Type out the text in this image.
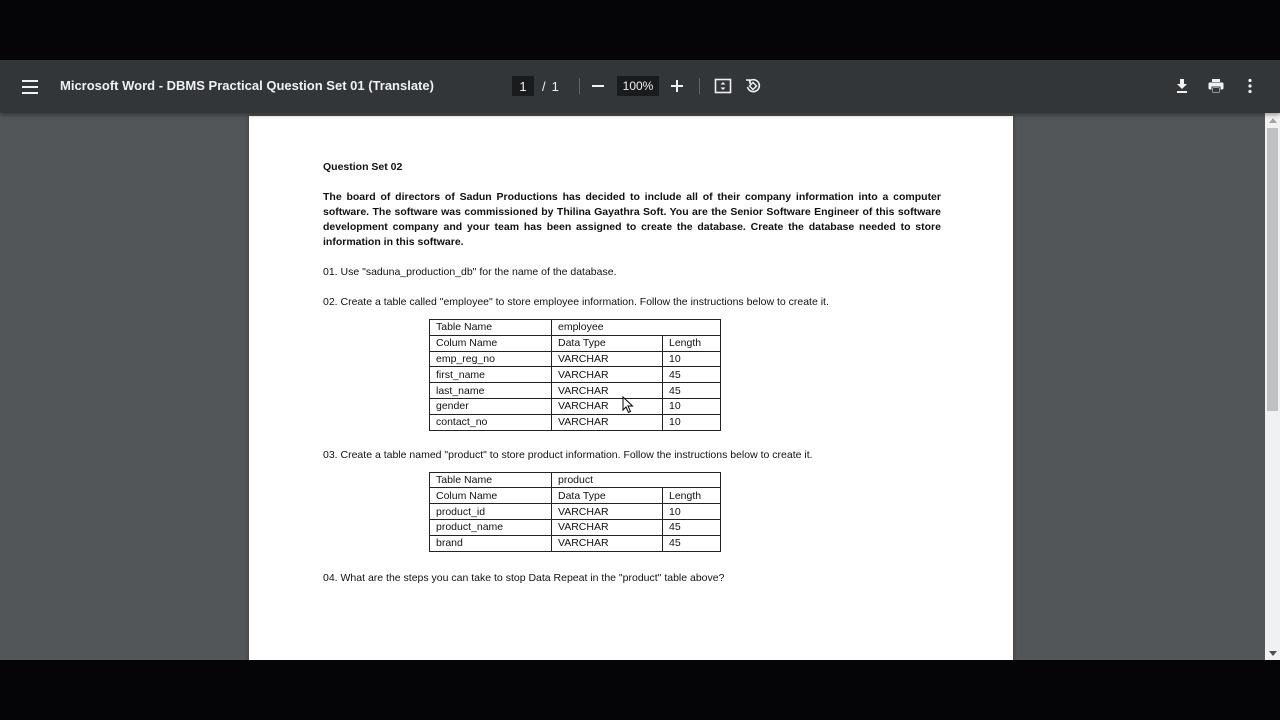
Microsoft Word - DBMS Practical Question Set 01 (Translate)
1	/ 1	100%
Question Set 02
The board of directors of Sadun Productions has decided to include all of their company information into a computer software. The software was commissioned by Thilina Gayathra Soft. You are the Senior Software Engineer of this software development company and your team has been assigned to create the database. Create the database needed to store information in this software.
01. Use "saduna_production_db" for the name of the database.
02. Create a table called "employee" to store employee information. Follow the instructions below to create it.
Table Name	employee	
Colum Name	Data Type	Length
emp_reg_no	VARCHAR	10
first_name	VARCHAR	45
last_name	VARCHAR	45
gender	VARCHAR	10
contact_no	VARCHAR	10
03. Create a table named "product" to store product information. Follow the instructions below to create it.
Table Name	product	
Colum Name	Data Type	Length
product_id	VARCHAR	10
product_name	VARCHAR	45
brand	VARCHAR	45
04. What are the steps you can take to stop Data Repeat in the "product" table above?
